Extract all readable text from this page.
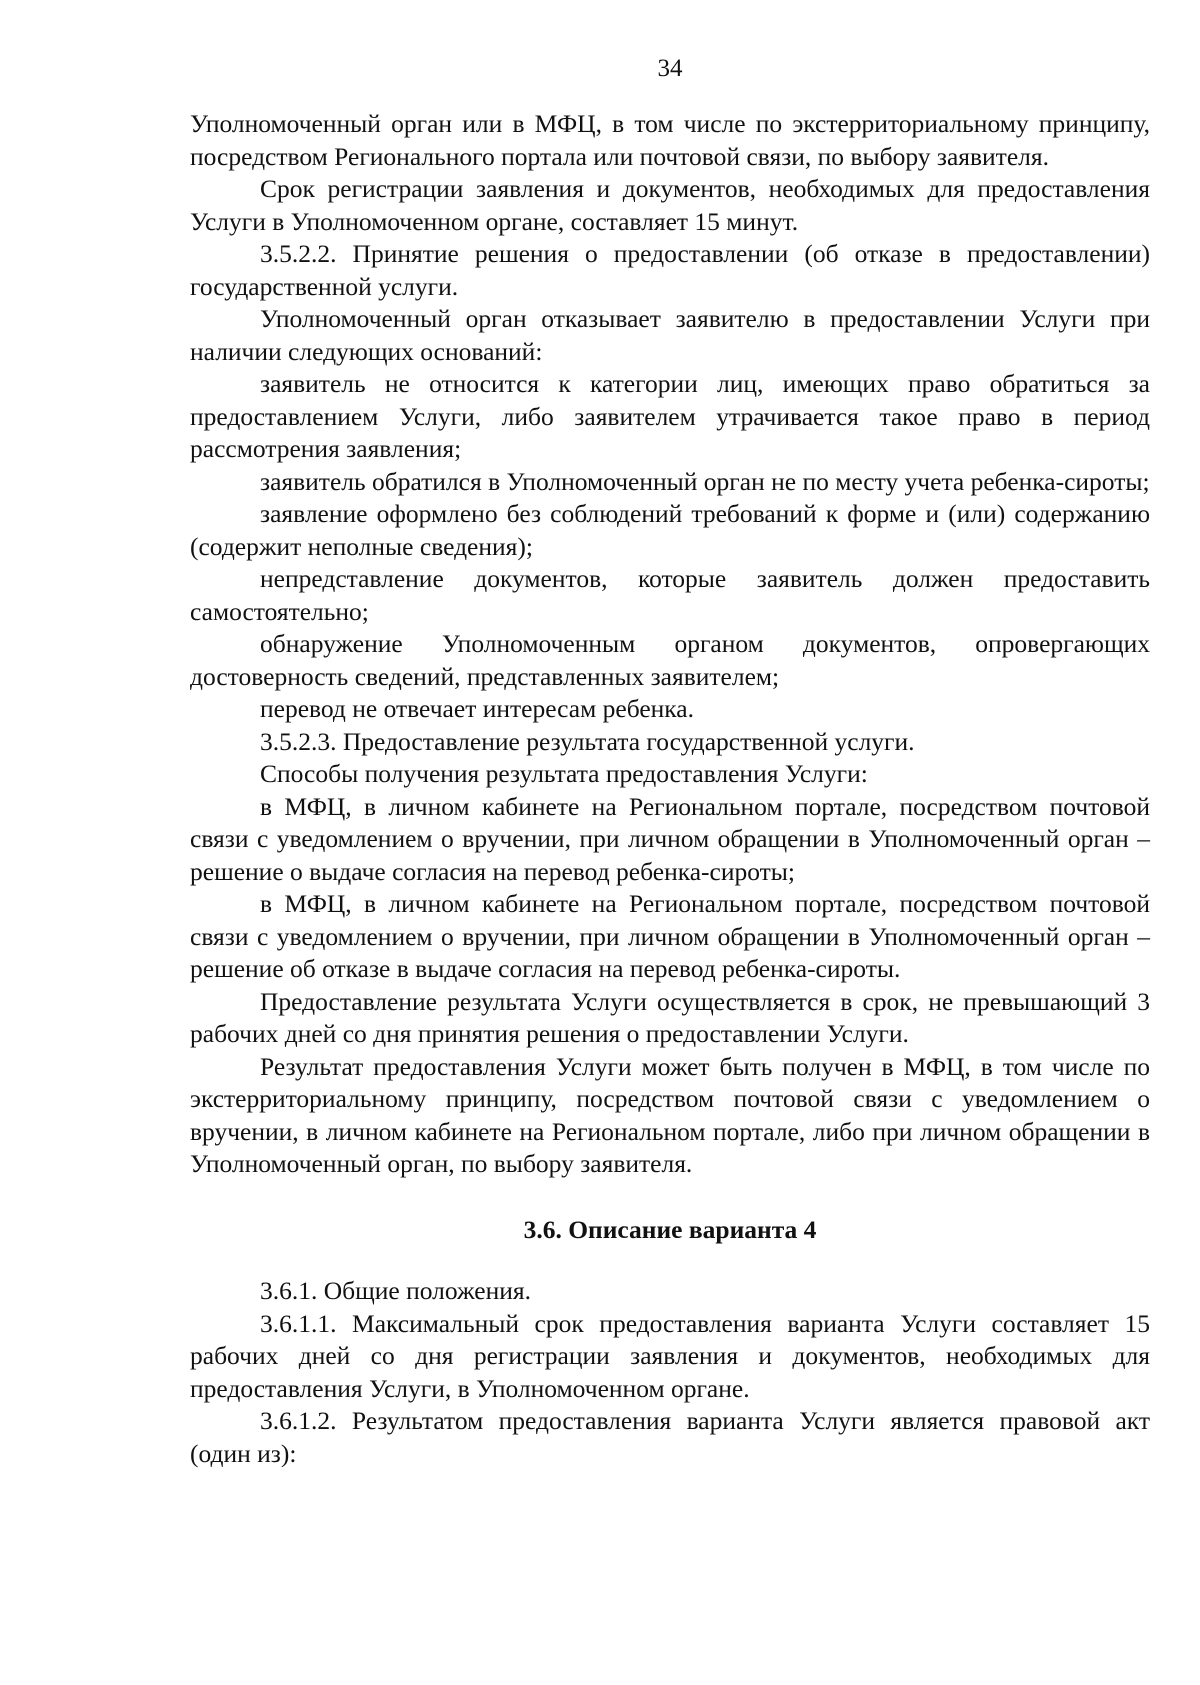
34

Уполномоченный орган или в МФЦ, в том числе по экстерриториальному принципу, посредством Регионального портала или почтовой связи, по выбору заявителя.

Срок регистрации заявления и документов, необходимых для предоставления Услуги в Уполномоченном органе, составляет 15 минут.

3.5.2.2. Принятие решения о предоставлении (об отказе в предоставлении) государственной услуги.

Уполномоченный орган отказывает заявителю в предоставлении Услуги при наличии следующих оснований:

заявитель не относится к категории лиц, имеющих право обратиться за предоставлением Услуги, либо заявителем утрачивается такое право в период рассмотрения заявления;

заявитель обратился в Уполномоченный орган не по месту учета ребенка-сироты;

заявление оформлено без соблюдений требований к форме и (или) содержанию (содержит неполные сведения);

непредставление документов, которые заявитель должен предоставить самостоятельно;

обнаружение Уполномоченным органом документов, опровергающих достоверность сведений, представленных заявителем;

перевод не отвечает интересам ребенка.

3.5.2.3. Предоставление результата государственной услуги.

Способы получения результата предоставления Услуги:

в МФЦ, в личном кабинете на Региональном портале, посредством почтовой связи с уведомлением о вручении, при личном обращении в Уполномоченный орган – решение о выдаче согласия на перевод ребенка-сироты;

в МФЦ, в личном кабинете на Региональном портале, посредством почтовой связи с уведомлением о вручении, при личном обращении в Уполномоченный орган – решение об отказе в выдаче согласия на перевод ребенка-сироты.

Предоставление результата Услуги осуществляется в срок, не превышающий 3 рабочих дней со дня принятия решения о предоставлении Услуги.

Результат предоставления Услуги может быть получен в МФЦ, в том числе по экстерриториальному принципу, посредством почтовой связи с уведомлением о вручении, в личном кабинете на Региональном портале, либо при личном обращении в Уполномоченный орган, по выбору заявителя.

3.6. Описание варианта 4

3.6.1. Общие положения.

3.6.1.1. Максимальный срок предоставления варианта Услуги составляет 15 рабочих дней со дня регистрации заявления и документов, необходимых для предоставления Услуги, в Уполномоченном органе.

3.6.1.2. Результатом предоставления варианта Услуги является правовой акт (один из):
